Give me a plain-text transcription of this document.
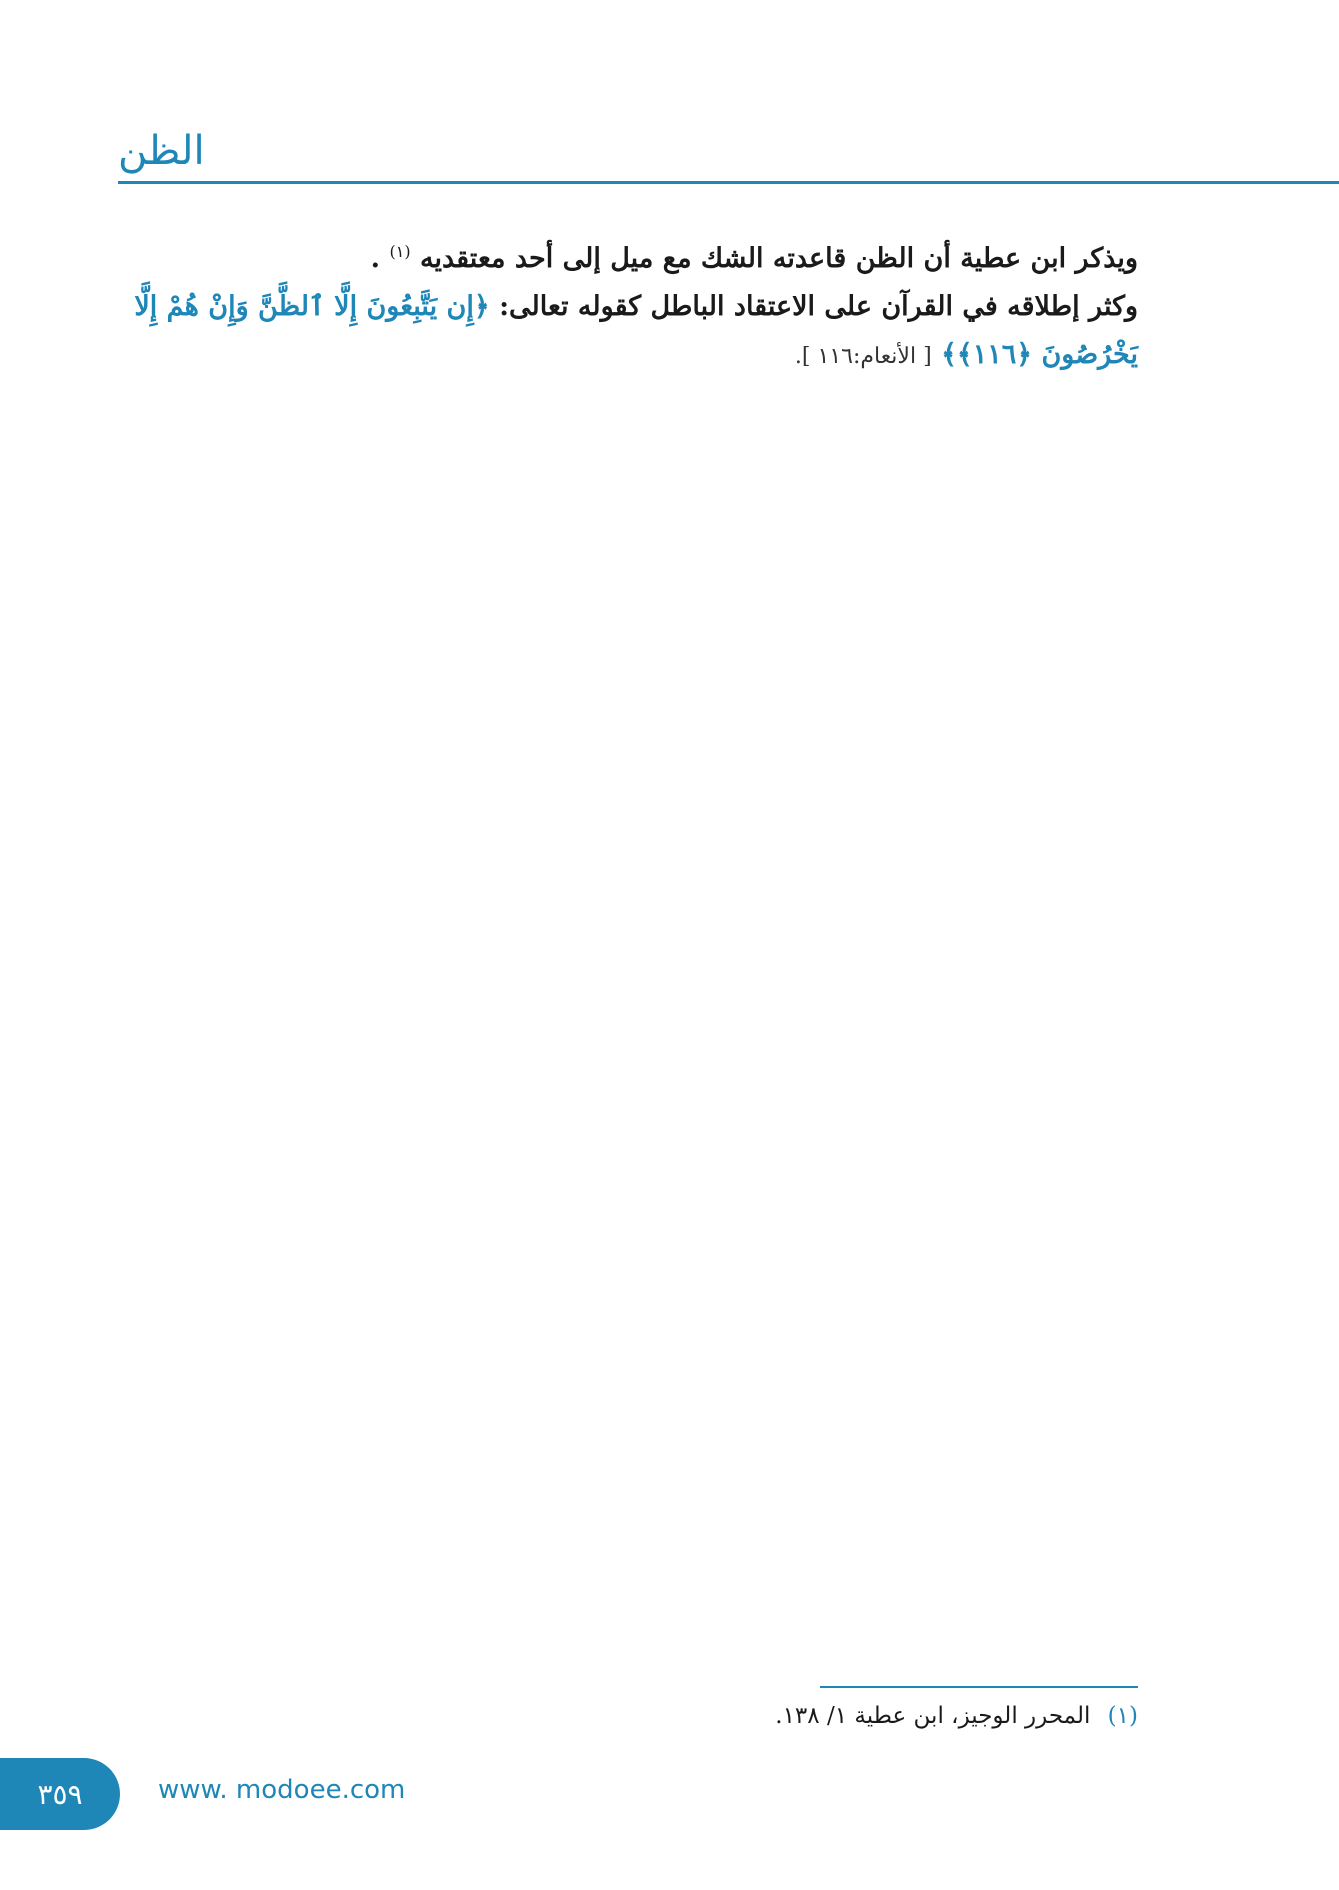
الظن

ويذكر ابن عطية أن الظن قاعدته الشك مع ميل إلى أحد معتقديه $^{(١)}$ .

وكثر إطلاقه في القرآن على الاعتقاد الباطل كقوله تعالى: ﴿إِن يَتَّبِعُونَ إِلَّا ٱلظَّنَّ وَإِنْ هُمْ إِلَّا يَخْرُصُونَ ﴿١١٦﴾﴾ [ الأنعام:١١٦ ].

(١) المحرر الوجيز، ابن عطية ١/ ١٣٨.
٣٥٩	www. modoee.com
